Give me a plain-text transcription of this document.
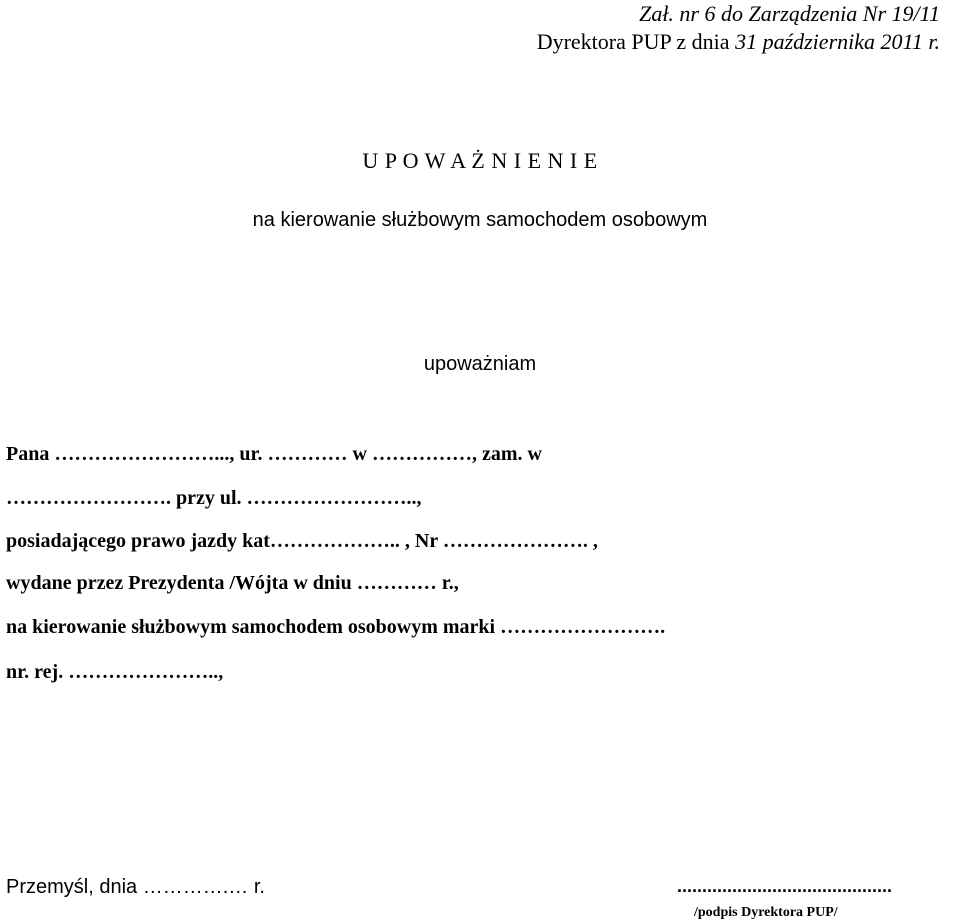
Zał. nr 6 do Zarządzenia Nr 19/11
Dyrektora PUP z dnia 31 października 2011 r.
U P O W A Ż N I E N I E
na kierowanie służbowym samochodem osobowym
upoważniam
Pana ……………………..., ur. ………… w ……………, zam. w
……………………. przy ul. ……………………..,
posiadającego prawo jazdy kat……………….. , Nr …………………. ,
wydane przez Prezydenta /Wójta w dniu ………… r.,
na kierowanie służbowym samochodem osobowym marki …………………….
nr. rej. …………………..,
Przemyśl, dnia ………….… r.	...........................................
/podpis Dyrektora PUP/
